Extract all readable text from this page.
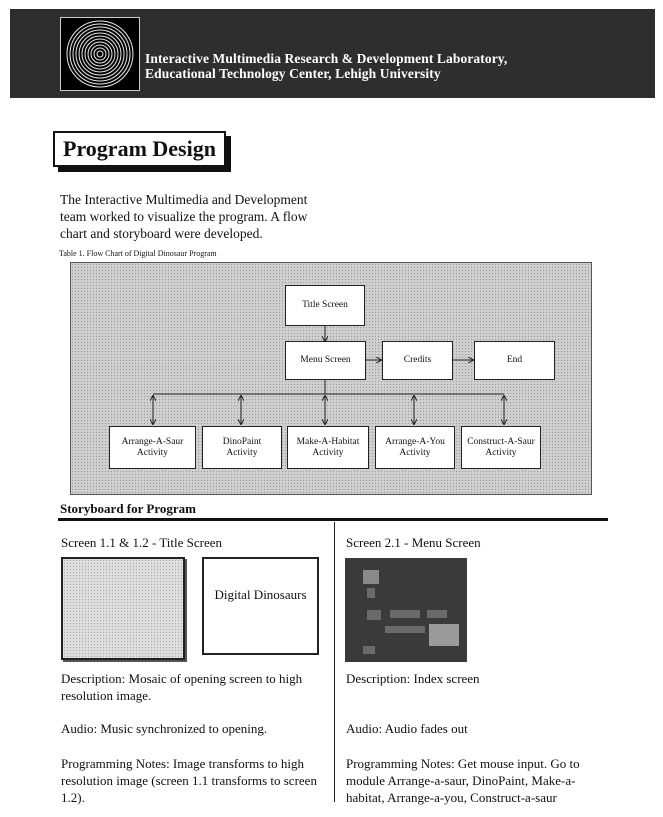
Interactive Multimedia Research & Development Laboratory,
Educational Technology Center, Lehigh University
Program Design
The Interactive Multimedia and Development team worked to visualize the program. A flow chart and storyboard were developed.
Table 1. Flow Chart of Digital Dinosaur Program
Title Screen
Menu Screen	Credits	End
Arrange-A-Saur
Activity
DinoPaint
Activity
Make-A-Habitat
Activity
Arrange-A-You
Activity
Construct-A-Saur
Activity
Storyboard for Program
Screen 1.1 & 1.2 - Title Screen
Digital Dinosaurs
Description: Mosaic of opening screen to high resolution image.
Audio: Music synchronized to opening.
Programming Notes: Image transforms to high resolution image (screen 1.1 transforms to screen 1.2).
Screen 2.1 - Menu Screen
Description: Index screen
Audio: Audio fades out
Programming Notes: Get mouse input. Go to module Arrange-a-saur, DinoPaint, Make-a-habitat, Arrange-a-you, Construct-a-saur
